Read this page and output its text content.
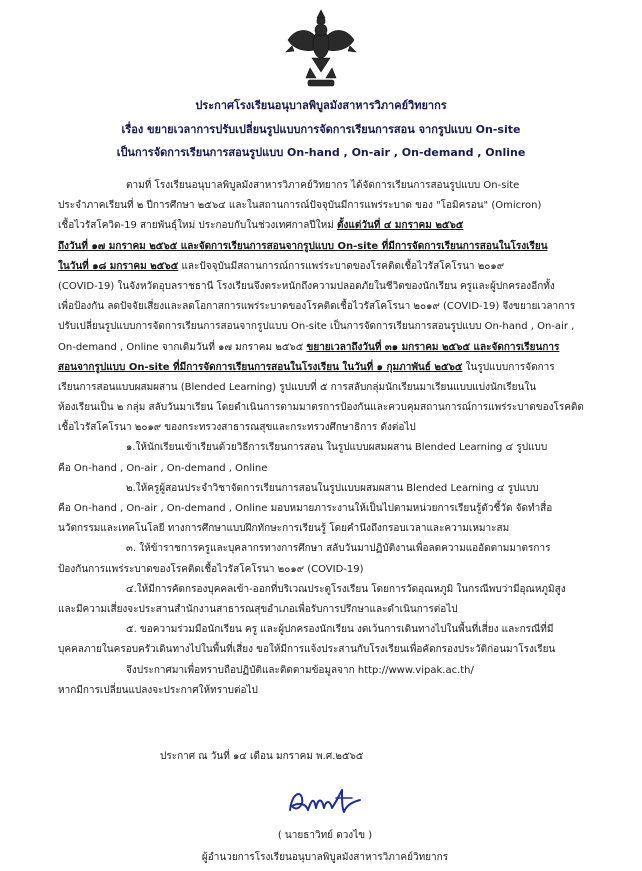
ประกาศโรงเรียนอนุบาลพิบูลมังสาหารวิภาคย์วิทยากร
เรื่อง ขยายเวลาการปรับเปลี่ยนรูปแบบการจัดการเรียนการสอน จากรูปแบบ On-site
เป็นการจัดการเรียนการสอนรูปแบบ On-hand , On-air , On-demand , Online
ตามที่ โรงเรียนอนุบาลพิบูลมังสาหารวิภาคย์วิทยากร ได้จัดการเรียนการสอนรูปแบบ On-site
ประจำภาคเรียนที่ ๒ ปีการศึกษา ๒๕๖๔ และในสถานการณ์ปัจจุบันมีการแพร่ระบาด ของ "โอมิครอน" (Omicron)
เชื้อไวรัสโควิด-19 สายพันธุ์ใหม่ ประกอบกับในช่วงเทศกาลปีใหม่ ตั้งแต่วันที่ ๔ มกราคม ๒๕๖๕
ถึงวันที่ ๑๗ มกราคม ๒๕๖๕ และจัดการเรียนการสอนจากรูปแบบ On-site ที่มีการจัดการเรียนการสอนในโรงเรียน
ในวันที่ ๑๘ มกราคม ๒๕๖๕ และปัจจุบันมีสถานการณ์การแพร่ระบาดของโรคติดเชื้อไวรัสโคโรนา ๒๐๑๙
(COVID-19) ในจังหวัดอุบลราชธานี โรงเรียนจึงตระหนักถึงความปลอดภัยในชีวิตของนักเรียน ครูและผู้ปกครองอีกทั้ง
เพื่อป้องกัน ลดปัจจัยเสี่ยงและลดโอกาสการแพร่ระบาดของโรคติดเชื้อไวรัสโคโรนา ๒๐๑๙ (COVID-19) จึงขยายเวลาการ
ปรับเปลี่ยนรูปแบบการจัดการเรียนการสอนจากรูปแบบ On-site เป็นการจัดการเรียนการสอนรูปแบบ On-hand , On-air ,
On-demand , Online จากเดิมวันที่ ๑๗ มกราคม ๒๕๖๕ ขยายเวลาถึงวันที่ ๓๑ มกราคม ๒๕๖๕ และจัดการเรียนการ
สอนจากรูปแบบ On-site ที่มีการจัดการเรียนการสอนในโรงเรียน ในวันที่ ๑ กุมภาพันธ์ ๒๕๖๕ ในรูปแบบการจัดการ
เรียนการสอนแบบผสมผสาน (Blended Learning) รูปแบบที่ ๕ การสลับกลุ่มนักเรียนมาเรียนแบบแบ่งนักเรียนใน
ห้องเรียนเป็น ๒ กลุ่ม สลับวันมาเรียน โดยดำเนินการตามมาตรการป้องกันและควบคุมสถานการณ์การแพร่ระบาดของโรคติด
เชื้อไวรัสโคโรนา ๒๐๑๙ ของกระทรวงสาธารณสุขและกระทรวงศึกษาธิการ ดังต่อไป
๑.ให้นักเรียนเข้าเรียนด้วยวิธีการเรียนการสอน ในรูปแบบผสมผสาน Blended Learning ๔ รูปแบบ
คือ On-hand , On-air , On-demand , Online
๒.ให้ครูผู้สอนประจำวิชาจัดการเรียนการสอนในรูปแบบผสมผสาน Blended Learning ๔ รูปแบบ
คือ On-hand , On-air , On-demand , Online มอบหมายภาระงานให้เป็นไปตามหน่วยการเรียนรู้ตัวชี้วัด จัดทำสื่อ
นวัตกรรมและเทคโนโลยี ทางการศึกษาแบบฝึกทักษะการเรียนรู้ โดยคำนึงถึงกรอบเวลาและความเหมาะสม
๓. ให้ข้าราชการครูและบุคลากรทางการศึกษา สลับวันมาปฏิบัติงานเพื่อลดความแออัดตามมาตรการ
ป้องกันการแพร่ระบาดของโรคติดเชื้อไวรัสโคโรนา ๒๐๑๙ (COVID-19)
๔.ให้มีการคัดกรองบุคคลเข้า-ออกที่บริเวณประตูโรงเรียน โดยการวัดอุณหภูมิ ในกรณีพบว่ามีอุณหภูมิสูง
และมีความเสี่ยงจะประสานสำนักงานสาธารณสุขอำเภอเพื่อรับการปรึกษาและดำเนินการต่อไป
๕. ขอความร่วมมือนักเรียน ครู และผู้ปกครองนักเรียน งดเว้นการเดินทางไปในพื้นที่เสี่ยง และกรณีที่มี
บุคคลภายในครอบครัวเดินทางไปในพื้นที่เสี่ยง ขอให้มีการแจ้งประสานกับโรงเรียนเพื่อคัดกรองประวัติก่อนมาโรงเรียน
จึงประกาศมาเพื่อทราบถือปฏิบัติและติดตามข้อมูลจาก http://www.vipak.ac.th/
หากมีการเปลี่ยนแปลงจะประกาศให้ทราบต่อไป
ประกาศ ณ วันที่ ๑๔ เดือน มกราคม พ.ศ.๒๕๖๕
( นายธาวิทย์ ดวงไข )
ผู้อำนวยการโรงเรียนอนุบาลพิบูลมังสาหารวิภาคย์วิทยากร
